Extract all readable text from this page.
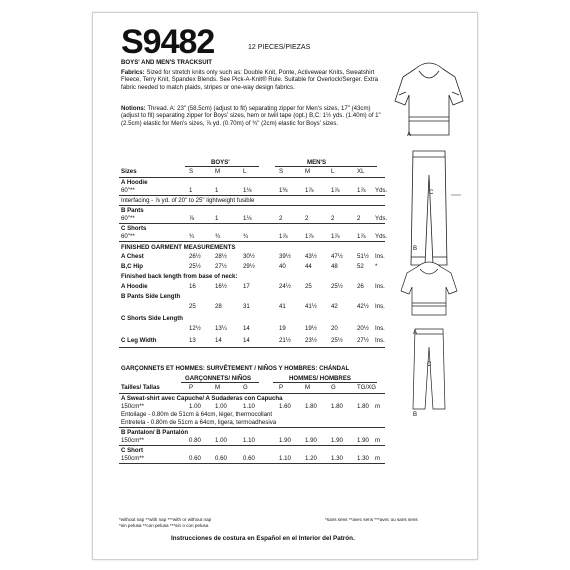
S9482	12 PIECES/PIEZAS
BOYS' AND MEN'S TRACKSUIT
Fabrics: Sized for stretch knits only such as: Double Knit, Ponte, Activewear Knits, Sweatshirt Fleece, Terry Knit, Spandex Blends. See Pick-A-Knit® Rule. Suitable for Overlock/Serger. Extra fabric needed to match plaids, stripes or one-way design fabrics.
Notions: Thread. A: 23" (58.5cm) (adjust to fit) separating zipper for Men's sizes, 17" (43cm) (adjust to fit) separating zipper for Boys' sizes, hem or twill tape (opt.) B,C: 1½ yds. (1.40m) of 1" (2.5cm) elastic for Men's sizes, ⅞ yd. (0.70m) of ¾" (2cm) elastic for Boys' sizes.
BOYS'	MEN'S
Sizes	S	M	L	S	M	L	XL
A Hoodie
60"**	1	1	1⅛	1⅜	1⅞	1⅞	1⅞ Yds.
Interfacing - ⅞ yd. of 20" to 25" lightweight fusible
B Pants
60"**	⅞	1	1⅛	2	2	2	2 Yds.
C Shorts
60"**	¾	¾	¾	1⅞	1⅞	1⅞	1⅞ Yds.
FINISHED GARMENT MEASUREMENTS
A Chest	26½ 28½	30½	39½ 43½ 47½ 51½ Ins.
B,C Hip	25½ 27½	29½	40	44	48	52 *
Finished back length from base of neck:
A Hoodie	16	16½	17	24½ 25	25½ 26 Ins.
B Pants Side Length
25	28	31	41	41½ 42	42½ Ins.
C Shorts Side Length
12½ 13¼	14	19	19½ 20	20½ Ins.
C Leg Width	13	14	14	21½ 23½ 25½ 27½ Ins.
GARÇONNETS ET HOMMES: SURVÊTEMENT / NIÑOS Y HOMBRES: CHÁNDAL
GARÇONNETS/ NIÑOS	HOMMES/ HOMBRES
Tailles/ Tallas	P	M	G	P	M	G	TG/XG
A Sweat-shirt avec Capuche/ A Sudaderas con Capucha
150cm**	1.00 1.00	1.10	1.60 1.80 1.80 1.80 m
Entoilage - 0.80m de 51cm à 64cm, léger, thermocollant
Entretela - 0.80m de 51cm a 64cm, ligera, termoadhesiva
B Pantalon/ B Pantalón
150cm**	0.80 1.00	1.10	1.90 1.90 1.90 1.90 m
C Short
150cm**	0.60 0.60	0.60	1.10 1.20 1.30 1.30 m
*without nap **with nap ***with or without nap
*sin pelusa **con pelusa ***sin o con pelusa
*sans sens **avec sens ***avec ou sans sens
Instrucciones de costura en Español en el Interior del Patrón.
A
C
B
A
C
B
